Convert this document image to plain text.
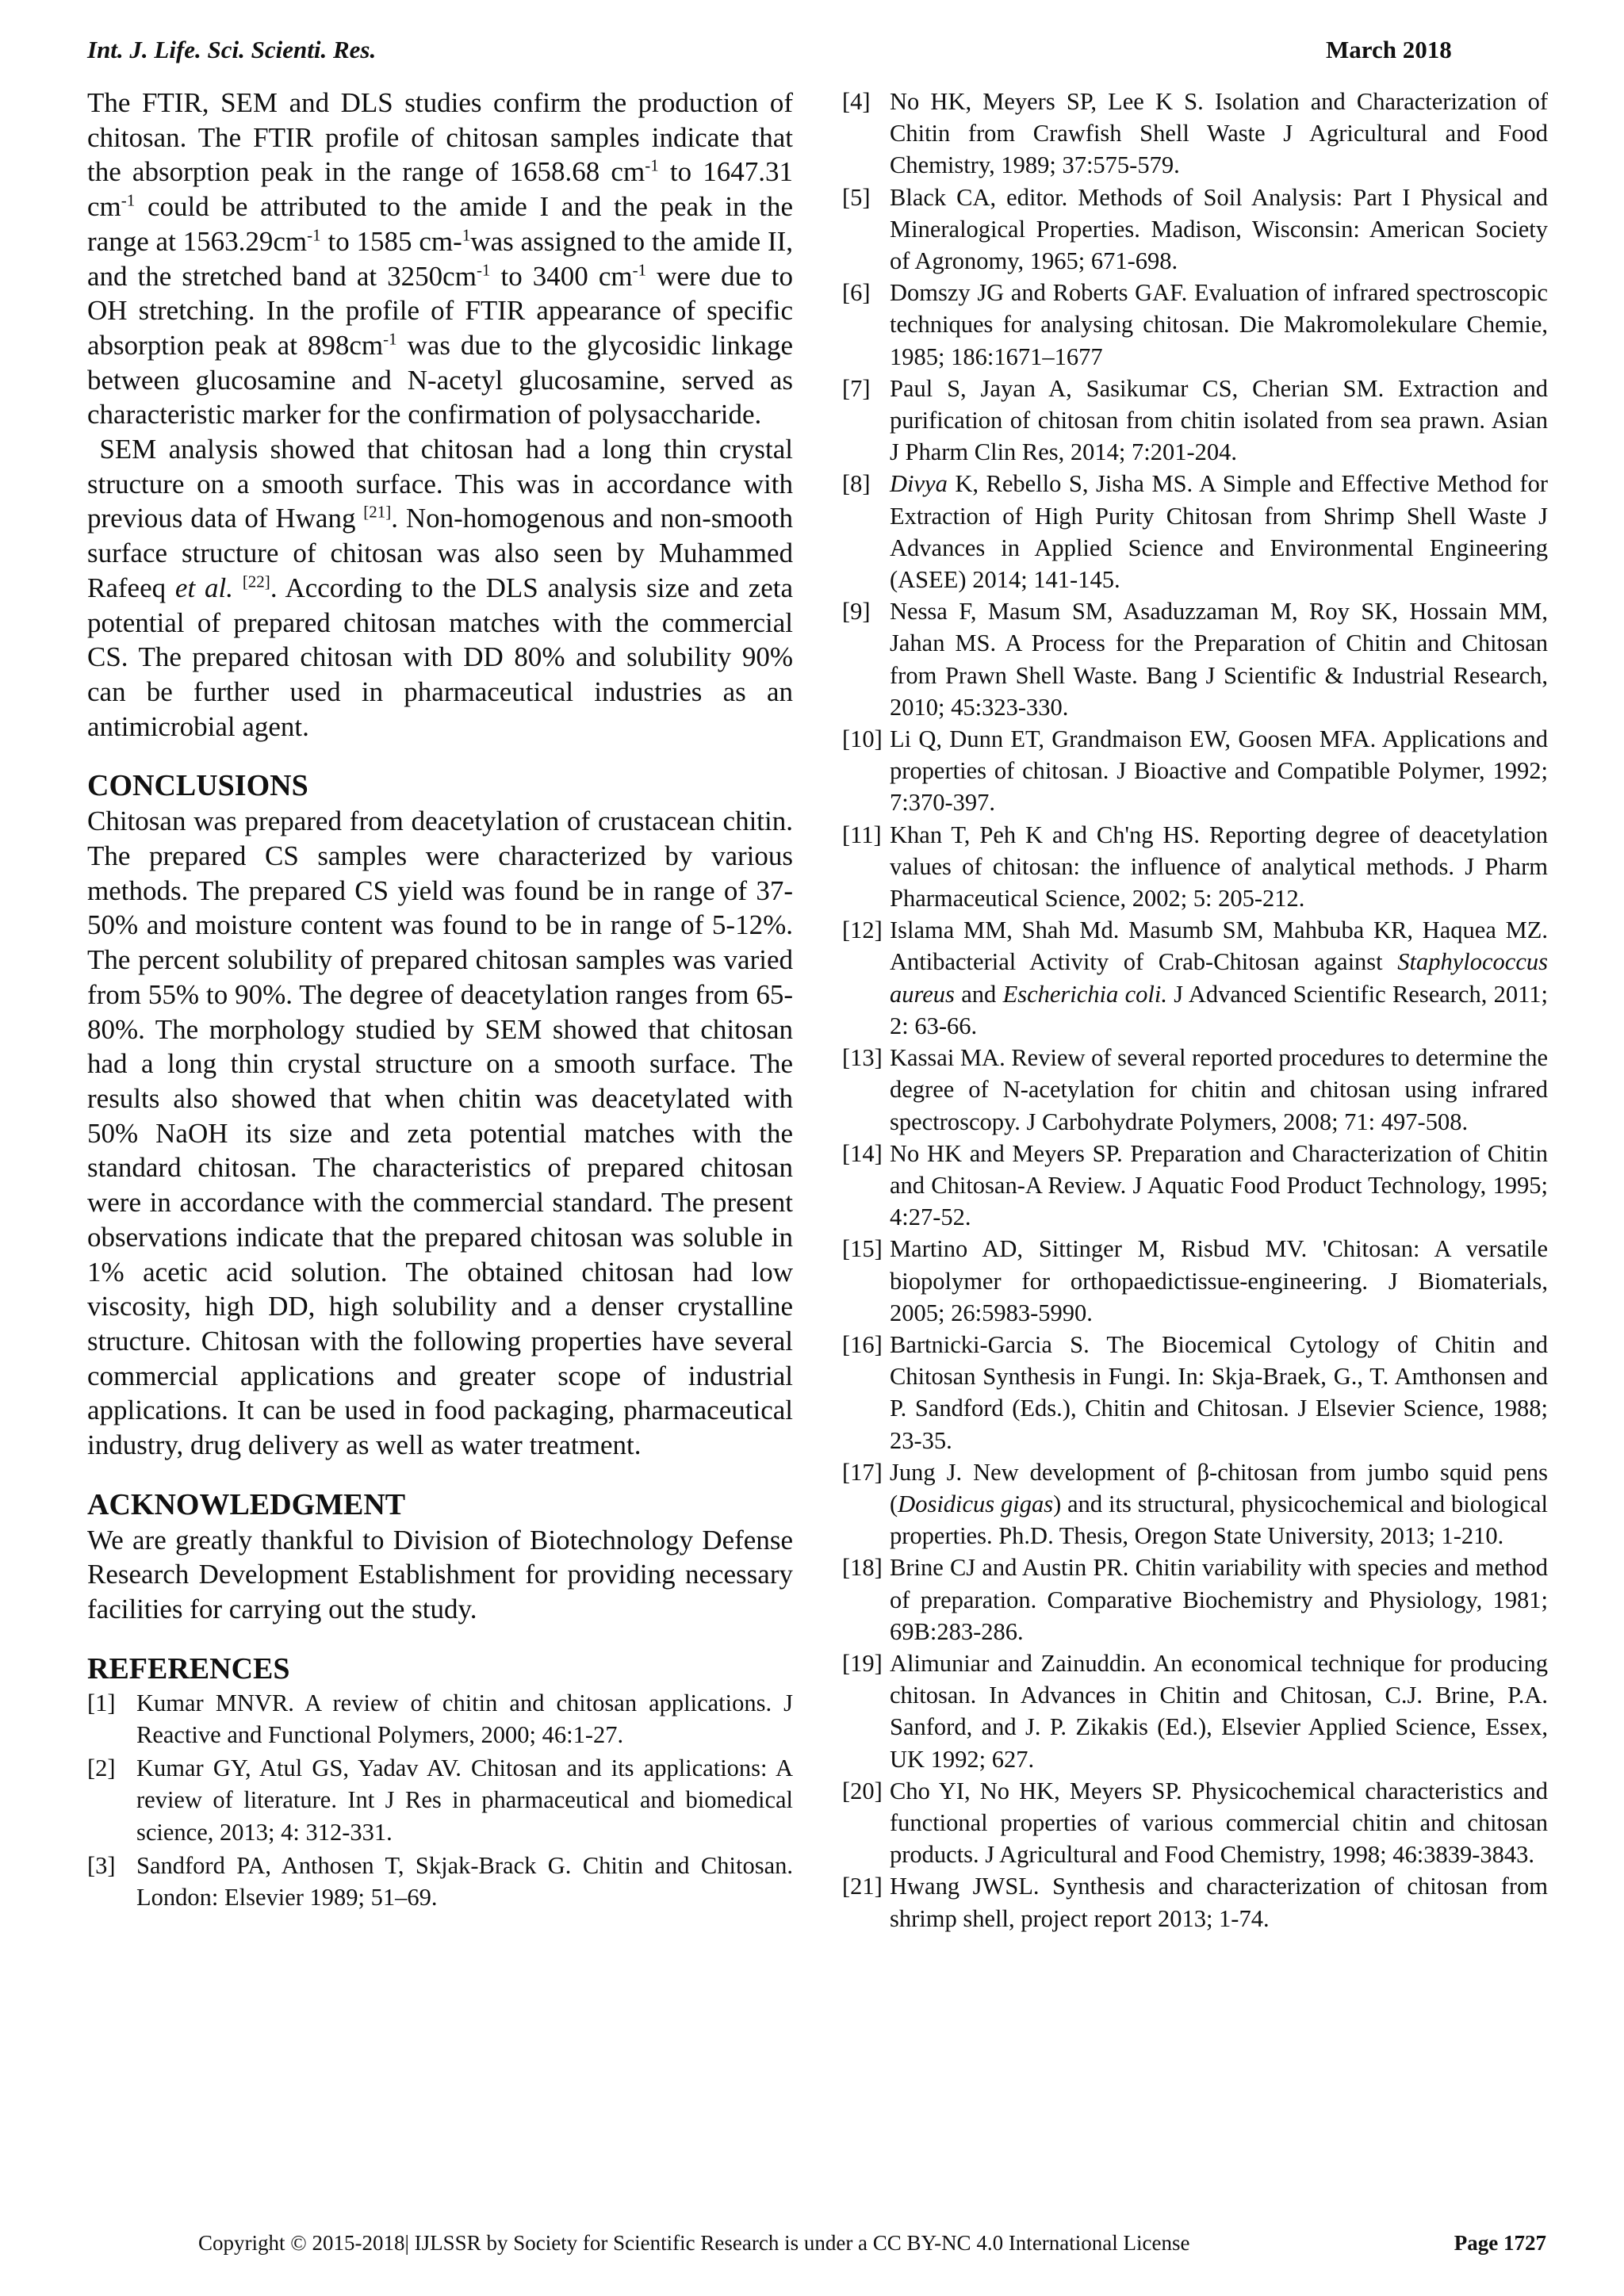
Int. J. Life. Sci. Scienti. Res.	March 2018

The FTIR, SEM and DLS studies confirm the production of chitosan. The FTIR profile of chitosan samples indicate that the absorption peak in the range of 1658.68 $cm^{-1}$ to 1647.31 $cm^{-1}$ could be attributed to the amide I and the peak in the range at $1563.29cm^{-1}$ to 1585 cm-$^1$was assigned to the amide II, and the stretched band at $3250cm^{-1}$ to 3400 $cm^{-1}$ were due to OH stretching. In the profile of FTIR appearance of specific absorption peak at $898cm^{-1}$ was due to the glycosidic linkage between glucosamine and N-acetyl glucosamine, served as characteristic marker for the confirmation of polysaccharide.

SEM analysis showed that chitosan had a long thin crystal structure on a smooth surface. This was in accordance with previous data of Hwang [21]. Non-homogenous and non-smooth surface structure of chitosan was also seen by Muhammed Rafeeq et al. [22]. According to the DLS analysis size and zeta potential of prepared chitosan matches with the commercial CS. The prepared chitosan with DD 80% and solubility 90% can be further used in pharmaceutical industries as an antimicrobial agent.

CONCLUSIONS

Chitosan was prepared from deacetylation of crustacean chitin. The prepared CS samples were characterized by various methods. The prepared CS yield was found be in range of 37-50% and moisture content was found to be in range of 5-12%. The percent solubility of prepared chitosan samples was varied from 55% to 90%. The degree of deacetylation ranges from 65-80%. The morphology studied by SEM showed that chitosan had a long thin crystal structure on a smooth surface. The results also showed that when chitin was deacetylated with 50% NaOH its size and zeta potential matches with the standard chitosan. The characteristics of prepared chitosan were in accordance with the commercial standard. The present observations indicate that the prepared chitosan was soluble in 1% acetic acid solution. The obtained chitosan had low viscosity, high DD, high solubility and a denser crystalline structure. Chitosan with the following properties have several commercial applications and greater scope of industrial applications. It can be used in food packaging, pharmaceutical industry, drug delivery as well as water treatment.

ACKNOWLEDGMENT

We are greatly thankful to Division of Biotechnology Defense Research Development Establishment for providing necessary facilities for carrying out the study.

REFERENCES
[1] Kumar MNVR. A review of chitin and chitosan applications. J Reactive and Functional Polymers, 2000; 46:1-27.
[2] Kumar GY, Atul GS, Yadav AV. Chitosan and its applications: A review of literature. Int J Res in pharmaceutical and biomedical science, 2013; 4: 312-331.
[3] Sandford PA, Anthosen T, Skjak-Brack G. Chitin and Chitosan. London: Elsevier 1989; 51–69.
[4] No HK, Meyers SP, Lee K S. Isolation and Characterization of Chitin from Crawfish Shell Waste J Agricultural and Food Chemistry, 1989; 37:575-579.
[5] Black CA, editor. Methods of Soil Analysis: Part I Physical and Mineralogical Properties. Madison, Wisconsin: American Society of Agronomy, 1965; 671-698.
[6] Domszy JG and Roberts GAF. Evaluation of infrared spectroscopic techniques for analysing chitosan. Die Makromolekulare Chemie, 1985; 186:1671–1677
[7] Paul S, Jayan A, Sasikumar CS, Cherian SM. Extraction and purification of chitosan from chitin isolated from sea prawn. Asian J Pharm Clin Res, 2014; 7:201-204.
[8] Divya K, Rebello S, Jisha MS. A Simple and Effective Method for Extraction of High Purity Chitosan from Shrimp Shell Waste J Advances in Applied Science and Environmental Engineering (ASEE) 2014; 141-145.
[9] Nessa F, Masum SM, Asaduzzaman M, Roy SK, Hossain MM, Jahan MS. A Process for the Preparation of Chitin and Chitosan from Prawn Shell Waste. Bang J Scientific & Industrial Research, 2010; 45:323-330.
[10] Li Q, Dunn ET, Grandmaison EW, Goosen MFA. Applications and properties of chitosan. J Bioactive and Compatible Polymer, 1992; 7:370-397.
[11] Khan T, Peh K and Ch'ng HS. Reporting degree of deacetylation values of chitosan: the influence of analytical methods. J Pharm Pharmaceutical Science, 2002; 5: 205-212.
[12] Islama MM, Shah Md. Masumb SM, Mahbuba KR, Haquea MZ. Antibacterial Activity of Crab-Chitosan against Staphylococcus aureus and Escherichia coli. J Advanced Scientific Research, 2011; 2: 63-66.
[13] Kassai MA. Review of several reported procedures to determine the degree of N-acetylation for chitin and chitosan using infrared spectroscopy. J Carbohydrate Polymers, 2008; 71: 497-508.
[14] No HK and Meyers SP. Preparation and Characterization of Chitin and Chitosan-A Review. J Aquatic Food Product Technology, 1995; 4:27-52.
[15] Martino AD, Sittinger M, Risbud MV. 'Chitosan: A versatile biopolymer for orthopaedictissue-engineering. J Biomaterials, 2005; 26:5983-5990.
[16] Bartnicki-Garcia S. The Biocemical Cytology of Chitin and Chitosan Synthesis in Fungi. In: Skja-Braek, G., T. Amthonsen and P. Sandford (Eds.), Chitin and Chitosan. J Elsevier Science, 1988; 23-35.
[17] Jung J. New development of β-chitosan from jumbo squid pens (Dosidicus gigas) and its structural, physicochemical and biological properties. Ph.D. Thesis, Oregon State University, 2013; 1-210.
[18] Brine CJ and Austin PR. Chitin variability with species and method of preparation. Comparative Biochemistry and Physiology, 1981; 69B:283-286.
[19] Alimuniar and Zainuddin. An economical technique for producing chitosan. In Advances in Chitin and Chitosan, C.J. Brine, P.A. Sanford, and J. P. Zikakis (Ed.), Elsevier Applied Science, Essex, UK 1992; 627.
[20] Cho YI, No HK, Meyers SP. Physicochemical characteristics and functional properties of various commercial chitin and chitosan products. J Agricultural and Food Chemistry, 1998; 46:3839-3843.
[21] Hwang JWSL. Synthesis and characterization of chitosan from shrimp shell, project report 2013; 1-74.
Copyright © 2015-2018| IJLSSR by Society for Scientific Research is under a CC BY-NC 4.0 International License	Page 1727
